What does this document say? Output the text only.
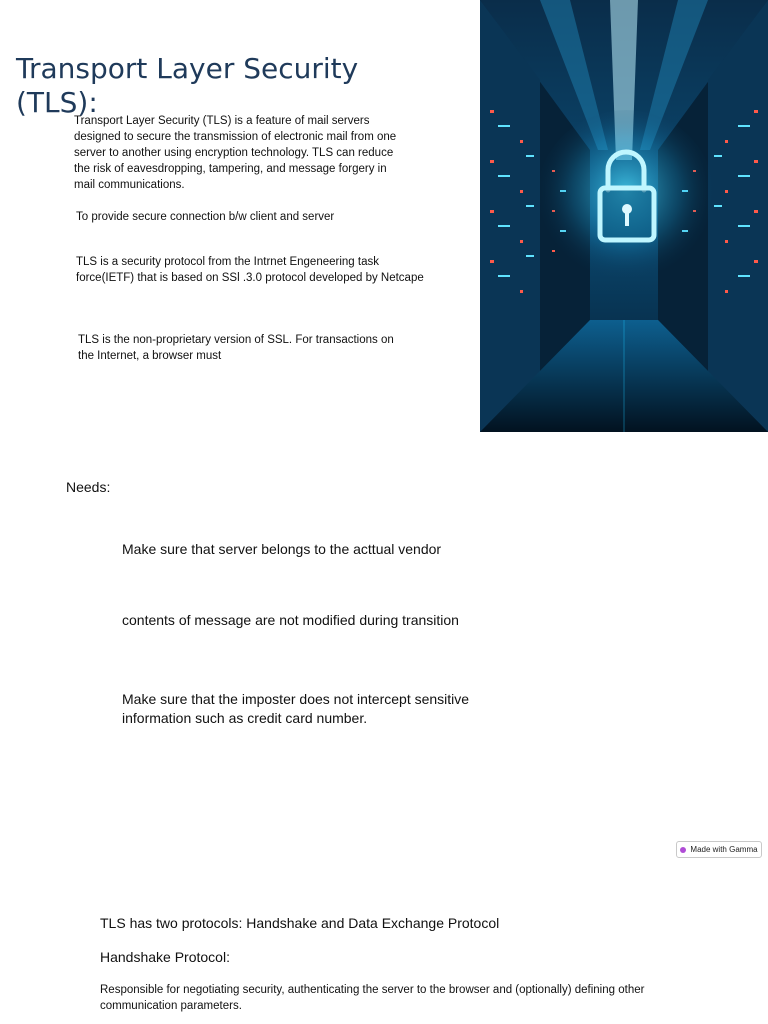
Transport Layer Security (TLS):
Transport Layer Security (TLS) is a feature of mail servers
designed to secure the transmission of electronic mail from one
server to another using encryption technology. TLS can reduce
the risk of eavesdropping, tampering, and message forgery in
mail communications.
To provide secure connection b/w client and server
TLS is a security protocol from the Intrnet Engeneering task
force(IETF) that is based on SSl .3.0 protocol developed by Netcape
TLS is the non-proprietary version of SSL. For transactions on
the Internet, a browser must
Needs:
Make sure that server belongs to the acttual vendor
contents of message are not modified during transition
Make sure that the imposter does not intercept sensitive information such as credit card number.
Made with Gamma
TLS has two protocols: Handshake and Data Exchange Protocol
Handshake Protocol:
Responsible for negotiating security, authenticating the server to the browser and (optionally) defining other communication parameters.
